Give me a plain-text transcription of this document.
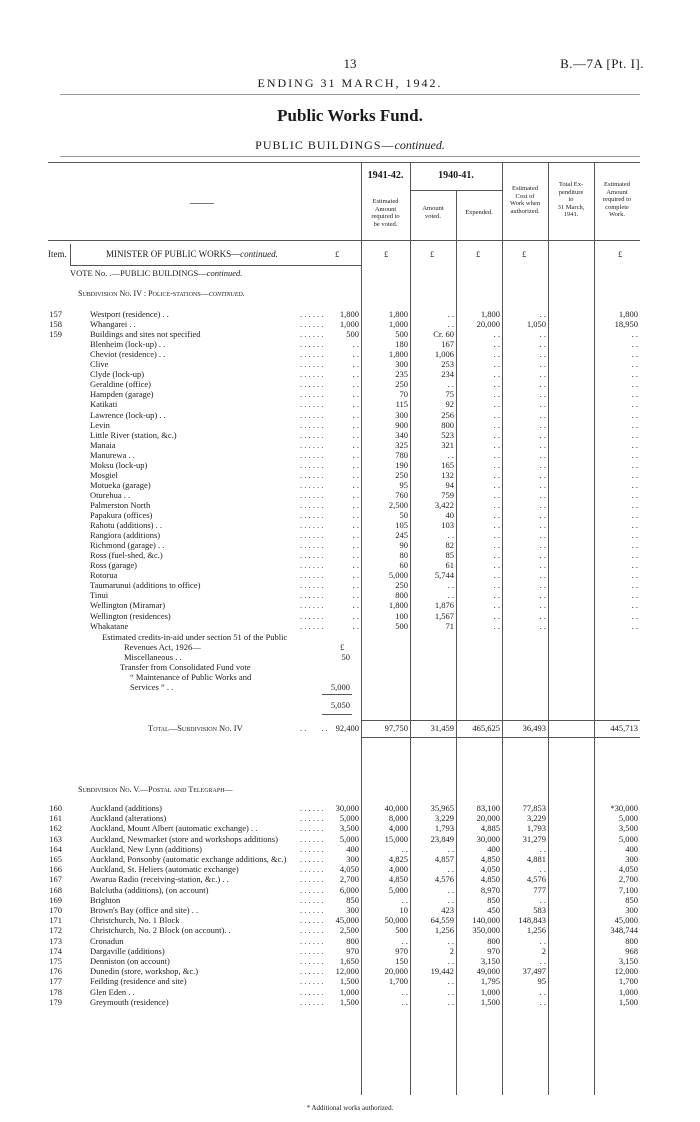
13	B.—7A [Pt. I].
ENDING 31 MARCH, 1942.
Public Works Fund.
PUBLIC BUILDINGS—continued.
——
1941-42.	1940-41.
Estimated
Amount
required to
be voted.
Amount
voted.	Expended.
Estimated
Cost of
Work when
authorized.
Total Ex-
penditure
to
31 March,
1941.
Estimated
Amount
required to
complete
Work.
Item.	MINISTER OF PUBLIC WORKS—continued.	£	£	£	£	£	£
VOTE No. .—PUBLIC BUILDINGS—continued.
Subdivision No. IV : Police-stations—continued.
157	Westport (residence) . .	. . . . . .	1,800	1,800	. .	1,800	. .	1,800
158	Whangarei . .	. . . . . .	1,000	1,000	. .	20,000	1,050	18,950
159	Buildings and sites not specified	. . . . . .	500	500	Cr. 60	. .	. .	. .
Blenheim (lock-up) . .	. . . . . .	. .	180	167	. .	. .	. .
Cheviot (residence) . .	. . . . . .	. .	1,800	1,006	. .	. .	. .
Clive	. . . . . .	. .	300	253	. .	. .	. .
Clyde (lock-up)	. . . . . .	. .	235	234	. .	. .	. .
Geraldine (office)	. . . . . .	. .	250	. .	. .	. .	. .
Hampden (garage)	. . . . . .	. .	70	75	. .	. .	. .
Katikati	. . . . . .	. .	115	92	. .	. .	. .
Lawrence (lock-up) . .	. . . . . .	. .	300	256	. .	. .	. .
Levin	. . . . . .	. .	900	800	. .	. .	. .
Little River (station, &c.)	. . . . . .	. .	340	523	. .	. .	. .
Manaia	. . . . . .	. .	325	321	. .	. .	. .
Manurewa . .	. . . . . .	. .	780	. .	. .	. .	. .
Moksu (lock-up)	. . . . . .	. .	190	165	. .	. .	. .
Mosgiel	. . . . . .	. .	250	132	. .	. .	. .
Motueka (garage)	. . . . . .	. .	95	94	. .	. .	. .
Oturehua . .	. . . . . .	. .	760	759	. .	. .	. .
Palmerston North	. . . . . .	. .	2,500	3,422	. .	. .	. .
Papakura (offices)	. . . . . .	. .	50	40	. .	. .	. .
Rahotu (additions) . .	. . . . . .	. .	105	103	. .	. .	. .
Rangiora (additions)	. . . . . .	. .	245	. .	. .	. .	. .
Richmond (garage) . .	. . . . . .	. .	90	82	. .	. .	. .
Ross (fuel-shed, &c.)	. . . . . .	. .	80	85	. .	. .	. .
Ross (garage)	. . . . . .	. .	60	61	. .	. .	. .
Rotorua	. . . . . .	. .	5,000	5,744	. .	. .	. .
Taumarunui (additions to office)	. . . . . .	. .	250	. .	. .	. .	. .
Tinui	. . . . . .	. .	800	. .	. .	. .	. .
Wellington (Miramar)	. . . . . .	. .	1,800	1,876	. .	. .	. .
Wellington (residences)	. . . . . .	. .	100	1,567	. .	. .	. .
Whakatane	. . . . . .	. .	500	71	. .	. .	. .
Estimated credits-in-aid under section 51 of the Public
Revenues Act, 1926—	£
Miscellaneous . .	50
Transfer from Consolidated Fund vote
“ Maintenance of Public Works and
Services ” . .	5,000
5,050
Total—Subdivision No. IV	. .       . . 92,400	97,750	31,459	465,625	36,493	445,713
Subdivision No. V.—Postal and Telegraph—
160	Auckland (additions)	. . . . . .	30,000	40,000	35,965	83,100	77,853	*30,000
161	Auckland (alterations)	. . . . . .	5,000	8,000	3,229	20,000	3,229	5,000
162	Auckland, Mount Albert (automatic exchange) . .	. . . . . .	3,500	4,000	1,793	4,885	1,793	3,500
163	Auckland, Newmarket (store and workshops additions)	. . . . . .	5,000	15,000	23,849	30,000	31,279	5,000
164	Auckland, New Lynn (additions)	. . . . . .	400	. .	. .	400	. .	400
165	Auckland, Ponsonby (automatic exchange additions, &c.) . . . . . .	300	4,825	4,857	4,850	4,881	300
166	Auckland, St. Heliers (automatic exchange)	. . . . . .	4,050	4,000	. .	4,050	. .	4,050
167	Awarua Radio (receiving-station, &c.) . .	. . . . . .	2,700	4,850	4,576	4,850	4,576	2,700
168	Balclutha (additions), (on account)	. . . . . .	6,000	5,000	. .	8,970	777	7,100
169	Brighton	. . . . . .	850	. .	. .	850	. .	850
170	Brown's Bay (office and site) . .	. . . . . .	300	10	423	450	583	300
171	Christchurch, No. 1 Block	. . . . . .	45,000	50,000	64,559	140,000	148,843	45,000
172	Christchurch, No. 2 Block (on account). .	. . . . . .	2,500	500	1,256	350,000	1,256	348,744
173	Cronadun	. . . . . .	800	. .	. .	800	. .	800
174	Dargaville (additions)	. . . . . .	970	970	2	970	2	968
175	Denniston (on account)	. . . . . .	1,650	150	. .	3,150	. .	3,150
176	Dunedin (store, workshop, &c.)	. . . . . .	12,000	20,000	19,442	49,000	37,497	12,000
177	Feilding (residence and site)	. . . . . .	1,500	1,700	. .	1,795	95	1,700
178	Glen Eden . .	. . . . . .	1,000	. .	. .	1,000	. .	1,000
179	Greymouth (residence)	. . . . . .	1,500	. .	. .	1,500	. .	1,500
* Additional works authorized.
